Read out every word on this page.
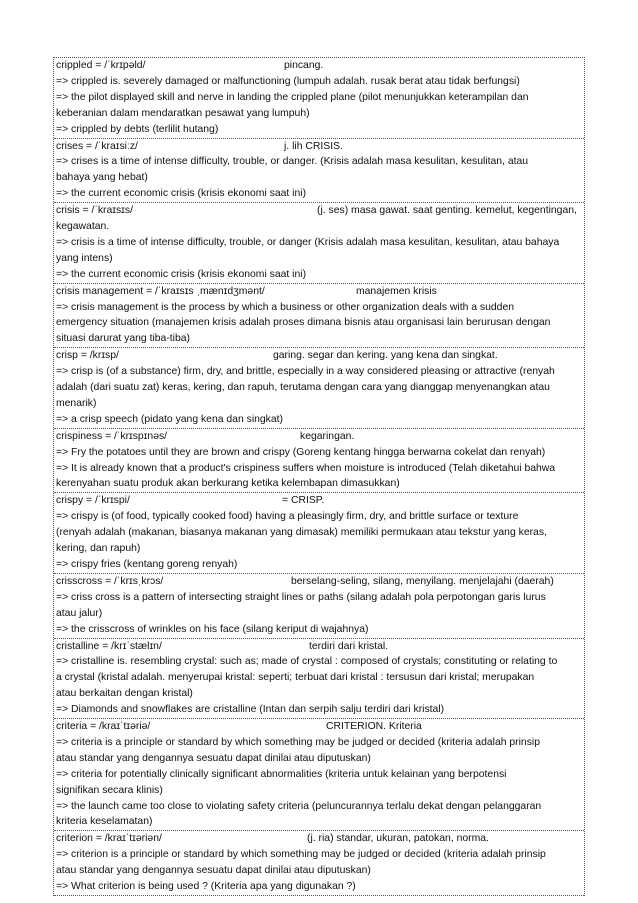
crippled = /ˈkrɪpəld/	pincang.
=> crippled is. severely damaged or malfunctioning (lumpuh adalah. rusak berat atau tidak berfungsi)
=> the pilot displayed skill and nerve in landing the crippled plane (pilot menunjukkan keterampilan dan
keberanian dalam mendaratkan pesawat yang lumpuh)
=> crippled by debts (terlilit hutang)
crises = /ˈkraɪsiːz/	j. lih CRISIS.
=> crises is a time of intense difficulty, trouble, or danger. (Krisis adalah masa kesulitan, kesulitan, atau
bahaya yang hebat)
=> the current economic crisis (krisis ekonomi saat ini)
crisis = /ˈkraɪsɪs/	(j. ses) masa gawat. saat genting. kemelut, kegentingan,
kegawatan.
=> crisis is a time of intense difficulty, trouble, or danger (Krisis adalah masa kesulitan, kesulitan, atau bahaya
yang intens)
=> the current economic crisis (krisis ekonomi saat ini)
crisis management = /ˈkraɪsɪs ˌmænɪdʒmənt/	manajemen krisis
=> crisis management is the process by which a business or other organization deals with a sudden
emergency situation (manajemen krisis adalah proses dimana bisnis atau organisasi lain berurusan dengan
situasi darurat yang tiba-tiba)
crisp = /krɪsp/	garing. segar dan kering. yang kena dan singkat.
=> crisp is (of a substance) firm, dry, and brittle, especially in a way considered pleasing or attractive (renyah
adalah (dari suatu zat) keras, kering, dan rapuh, terutama dengan cara yang dianggap menyenangkan atau
menarik)
=> a crisp speech (pidato yang kena dan singkat)
crispiness = /ˈkrɪspɪnəs/	kegaringan.
=> Fry the potatoes until they are brown and crispy (Goreng kentang hingga berwarna cokelat dan renyah)
=> It is already known that a product's crispiness suffers when moisture is introduced (Telah diketahui bahwa
kerenyahan suatu produk akan berkurang ketika kelembapan dimasukkan)
crispy = /ˈkrɪspi/	= CRISP.
=> crispy is (of food, typically cooked food) having a pleasingly firm, dry, and brittle surface or texture
(renyah adalah (makanan, biasanya makanan yang dimasak) memiliki permukaan atau tekstur yang keras,
kering, dan rapuh)
=> crispy fries (kentang goreng renyah)
crisscross = /ˈkrɪsˌkrɔs/	berselang-seling, silang, menyilang. menjelajahi (daerah)
=> criss cross is a pattern of intersecting straight lines or paths (silang adalah pola perpotongan garis lurus
atau jalur)
=> the crisscross of wrinkles on his face (silang keriput di wajahnya)
cristalline = /krɪˈstælɪn/	terdiri dari kristal.
=> cristalline is. resembling crystal: such as; made of crystal : composed of crystals; constituting or relating to
a crystal (kristal adalah. menyerupai kristal: seperti; terbuat dari kristal : tersusun dari kristal; merupakan
atau berkaitan dengan kristal)
=> Diamonds and snowflakes are cristalline (Intan dan serpih salju terdiri dari kristal)
criteria = /kraɪˈtɪəriə/	CRITERION. Kriteria
=> criteria is a principle or standard by which something may be judged or decided (kriteria adalah prinsip
atau standar yang dengannya sesuatu dapat dinilai atau diputuskan)
=> criteria for potentially clinically significant abnormalities (kriteria untuk kelainan yang berpotensi
signifikan secara klinis)
=> the launch came too close to violating safety criteria (peluncurannya terlalu dekat dengan pelanggaran
kriteria keselamatan)
criterion = /kraɪˈtɪəriən/	(j. ria) standar, ukuran, patokan, norma.
=> criterion is a principle or standard by which something may be judged or decided (kriteria adalah prinsip
atau standar yang dengannya sesuatu dapat dinilai atau diputuskan)
=> What criterion is being used ? (Kriteria apa yang digunakan ?)
